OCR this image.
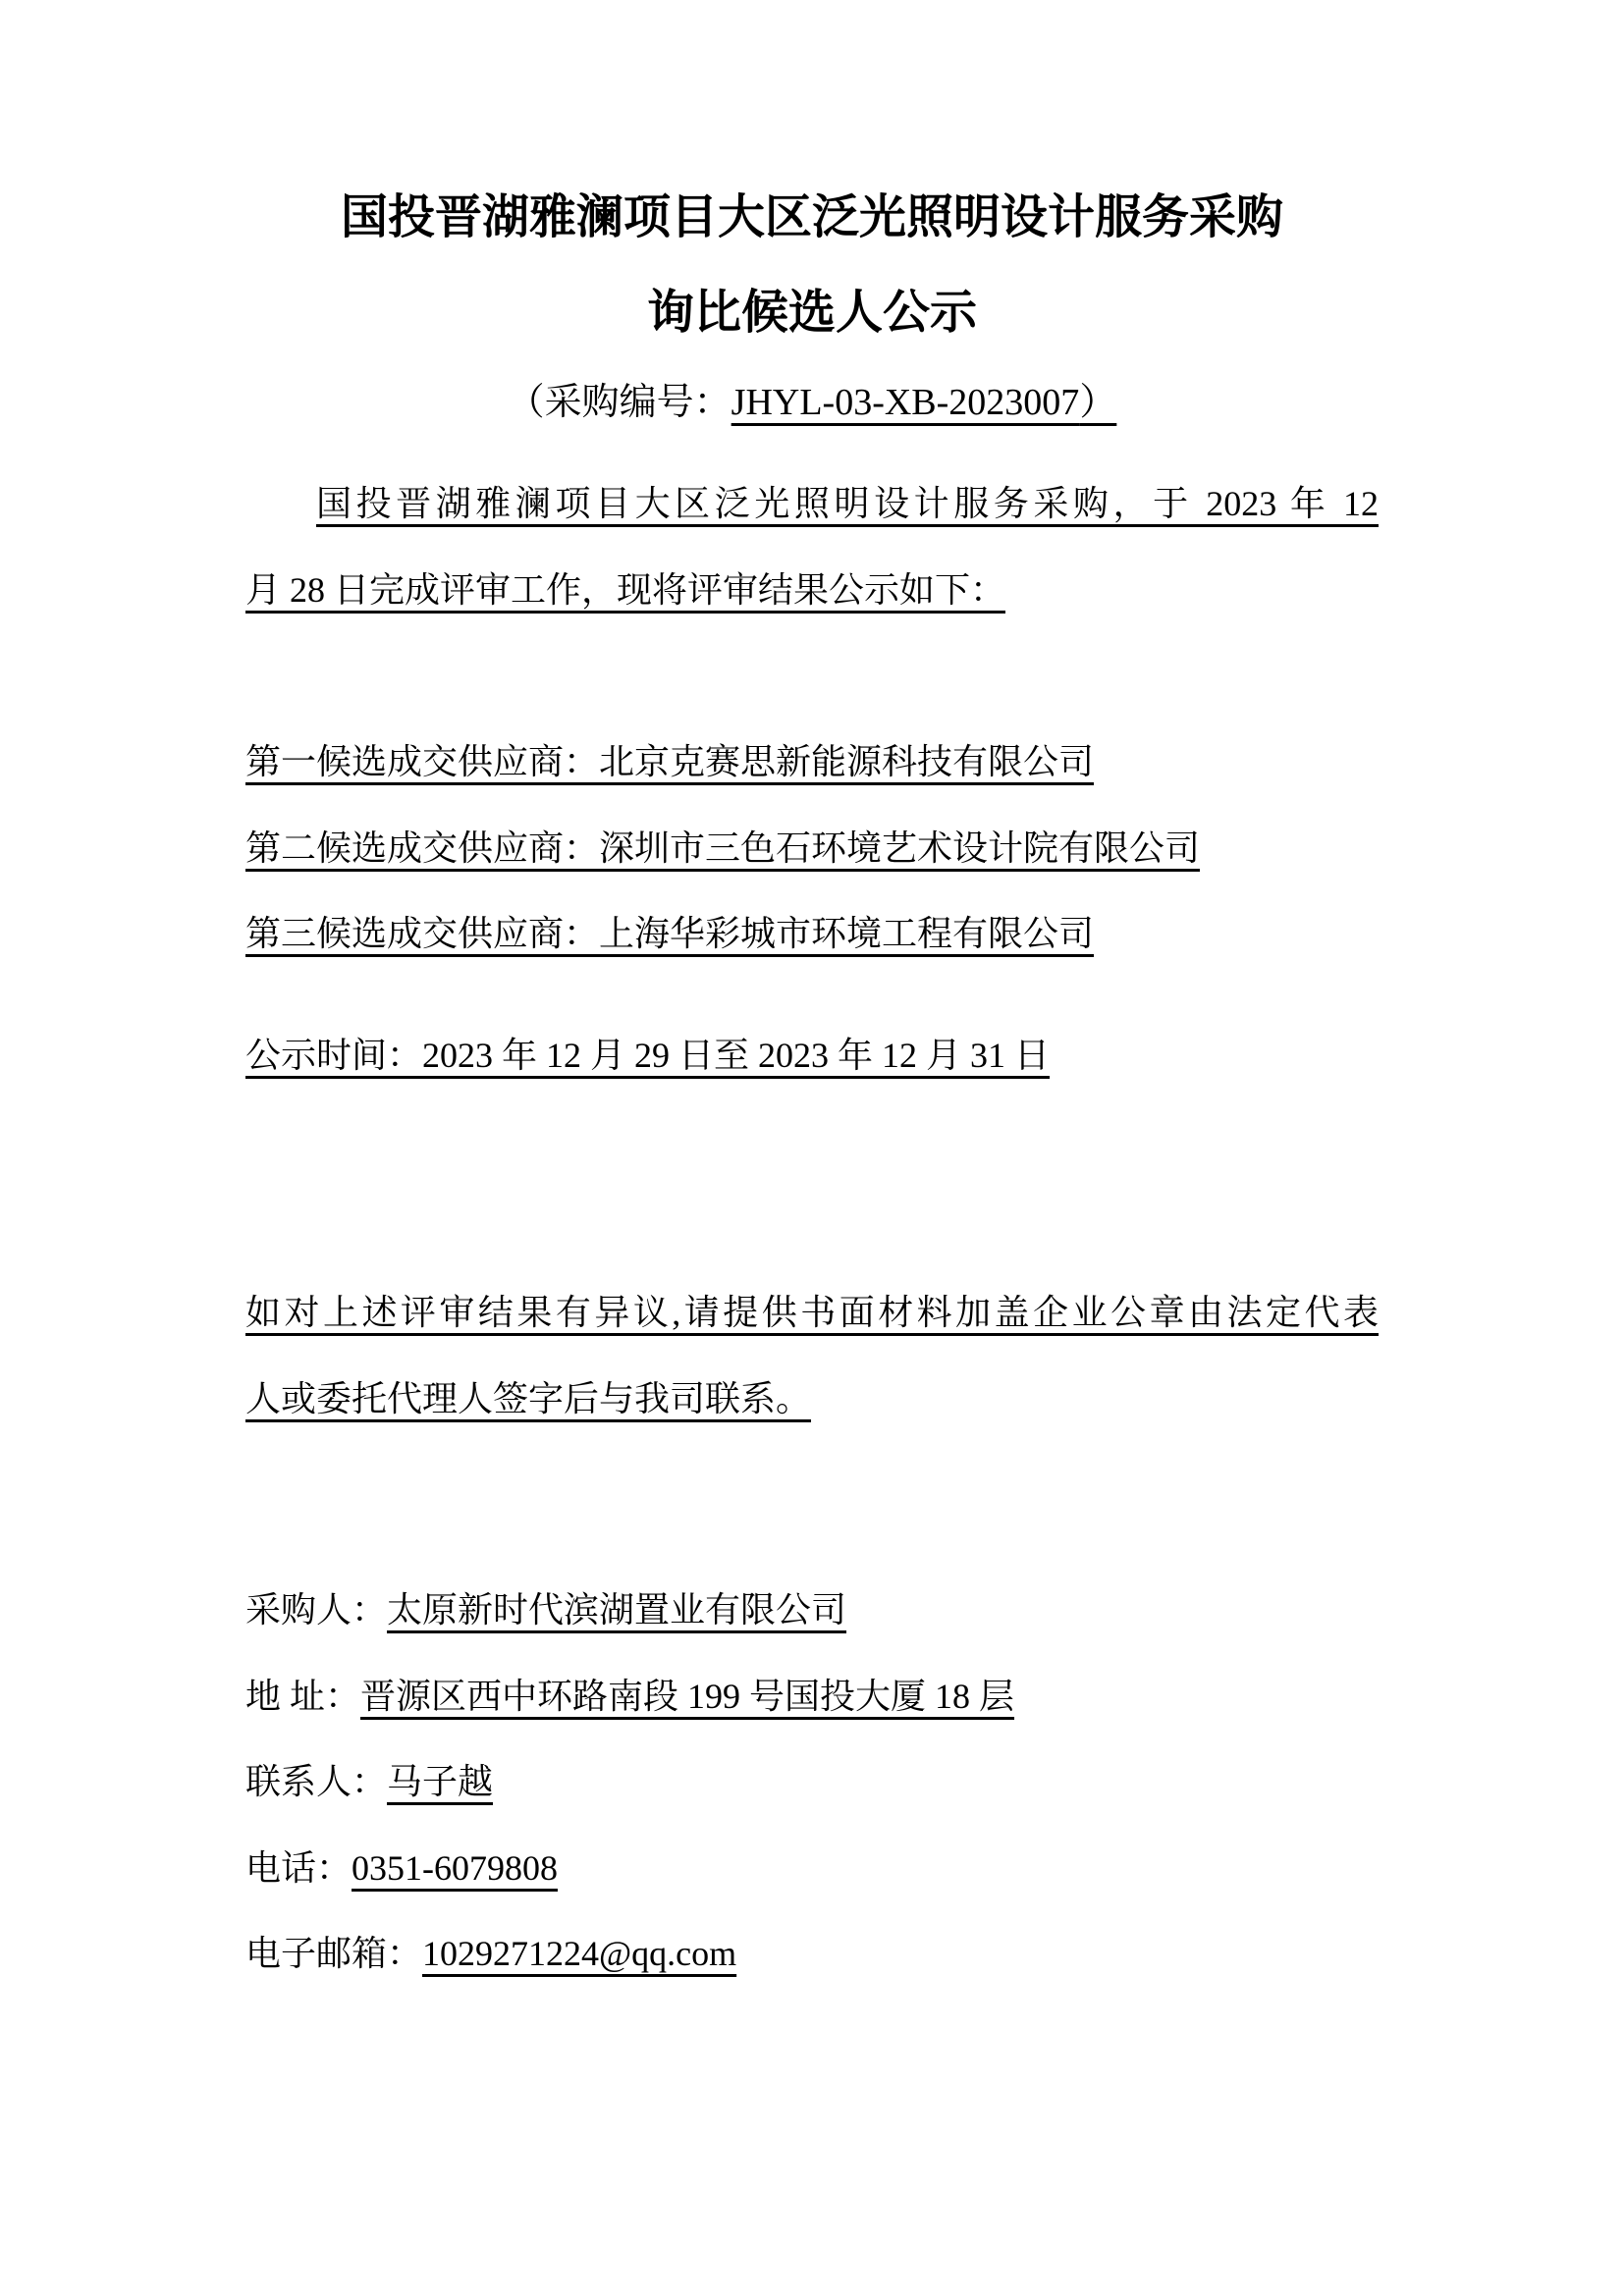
国投晋湖雅澜项目大区泛光照明设计服务采购
询比候选人公示
（采购编号：JHYL-03-XB-2023007）
国投晋湖雅澜项目大区泛光照明设计服务采购，于 2023 年 12
月 28 日完成评审工作，现将评审结果公示如下：
第一候选成交供应商：北京克赛思新能源科技有限公司
第二候选成交供应商：深圳市三色石环境艺术设计院有限公司
第三候选成交供应商：上海华彩城市环境工程有限公司
公示时间：2023 年 12 月 29 日至 2023 年 12 月 31 日
如对上述评审结果有异议,请提供书面材料加盖企业公章由法定代表
人或委托代理人签字后与我司联系。
采购人：太原新时代滨湖置业有限公司
地 址：晋源区西中环路南段 199 号国投大厦 18 层
联系人：马子越
电话：0351-6079808
电子邮箱：1029271224@qq.com
